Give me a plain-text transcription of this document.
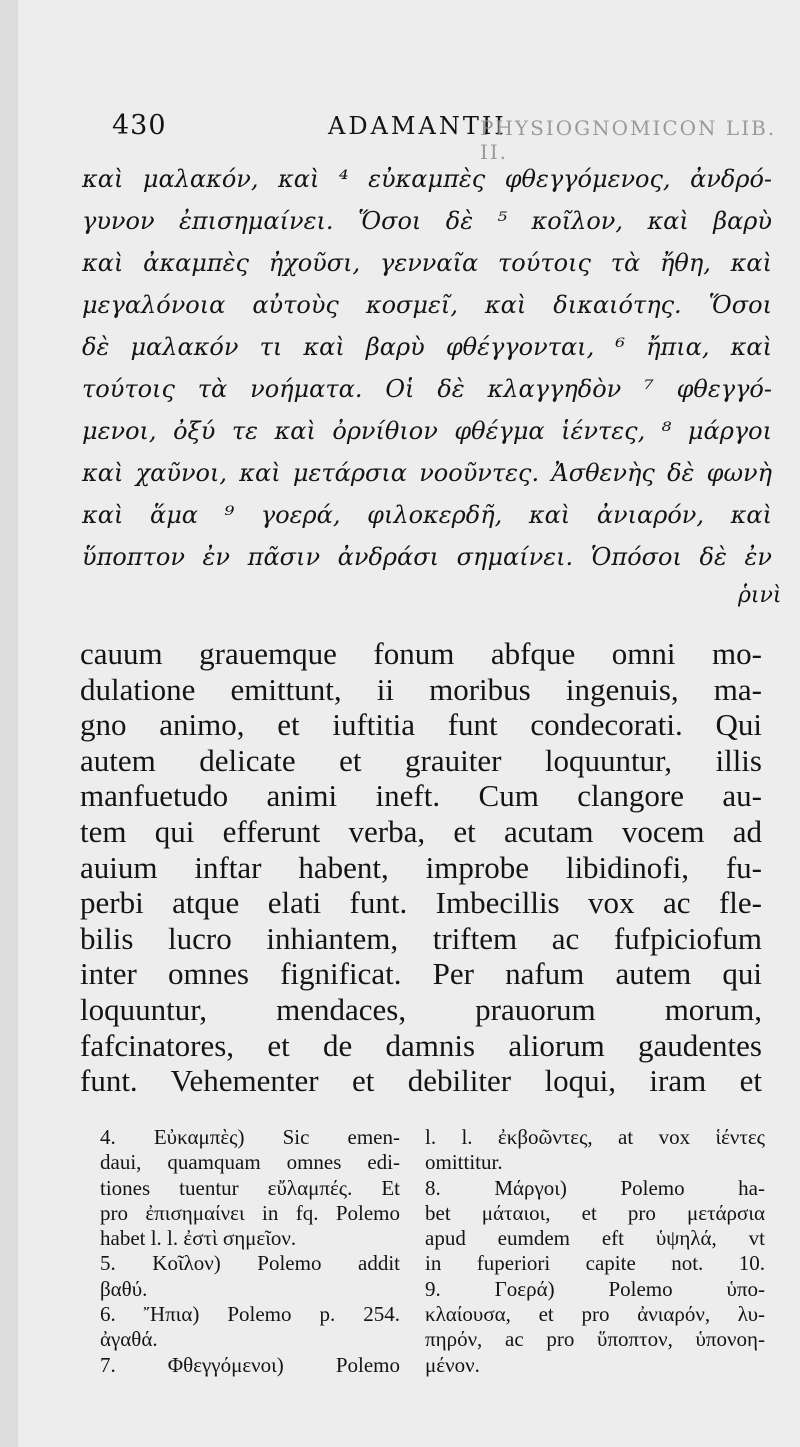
430	ADAMANTII
PHYSIOGNOMICON LIB. II.
καὶ μαλακόν, καὶ ⁴ εὐκαμπὲς φθεγγόμενος, ἀνδρό-
γυνον ἐπισημαίνει. Ὅσοι δὲ ⁵ κοῖλον, καὶ βαρὺ
καὶ ἀκαμπὲς ἠχοῦσι, γενναῖα τούτοις τὰ ἤθη, καὶ
μεγαλόνοια αὐτοὺς κοσμεῖ, καὶ δικαιότης. Ὅσοι
δὲ μαλακόν τι καὶ βαρὺ φθέγγονται, ⁶ ἤπια, καὶ
τούτοις τὰ νοήματα. Οἱ δὲ κλαγγηδὸν ⁷ φθεγγό-
μενοι, ὀξύ τε καὶ ὀρνίθιον φθέγμα ἱέντες, ⁸ μάργοι
καὶ χαῦνοι, καὶ μετάρσια νοοῦντες. Ἀσθενὴς δὲ φωνὴ
καὶ ἅμα ⁹ γοερά, φιλοκερδῆ, καὶ ἀνιαρόν, καὶ
ὕποπτον ἐν πᾶσιν ἀνδράσι σημαίνει. Ὁπόσοι δὲ ἐν
ῥινὶ
cauum grauemque fonum abfque omni mo-
dulatione emittunt, ii moribus ingenuis, ma-
gno animo, et iuftitia funt condecorati. Qui
autem delicate et grauiter loquuntur, illis
manfuetudo animi ineft. Cum clangore au-
tem qui efferunt verba, et acutam vocem ad
auium inftar habent, improbe libidinofi, fu-
perbi atque elati funt. Imbecillis vox ac fle-
bilis lucro inhiantem, triftem ac fufpiciofum
inter omnes fignificat. Per nafum autem qui
loquuntur, mendaces, prauorum morum,
fafcinatores, et de damnis aliorum gaudentes
funt. Vehementer et debiliter loqui, iram et
4. Εὐκαμπὲς) Sic emen-
daui, quamquam omnes edi-
tiones tuentur εὔλαμπές. Et
pro ἐπισημαίνει in fq. Polemo
habet l. l. ἐστὶ σημεῖον.
5. Κοῖλον) Polemo addit
βαθύ.
6. Ἤπια) Polemo p. 254.
ἀγαθά.
7. Φθεγγόμενοι) Polemo
l. l. ἐκβοῶντες, at vox ἱέντες
omittitur.
8. Μάργοι) Polemo ha-
bet μάταιοι, et pro μετάρσια
apud eumdem eft ὑψηλά, vt
in fuperiori capite not. 10.
9. Γοερά) Polemo ὑπο-
κλαίουσα, et pro ἀνιαρόν, λυ-
πηρόν, ac pro ὕποπτον, ὑπονοη-
μένον.
